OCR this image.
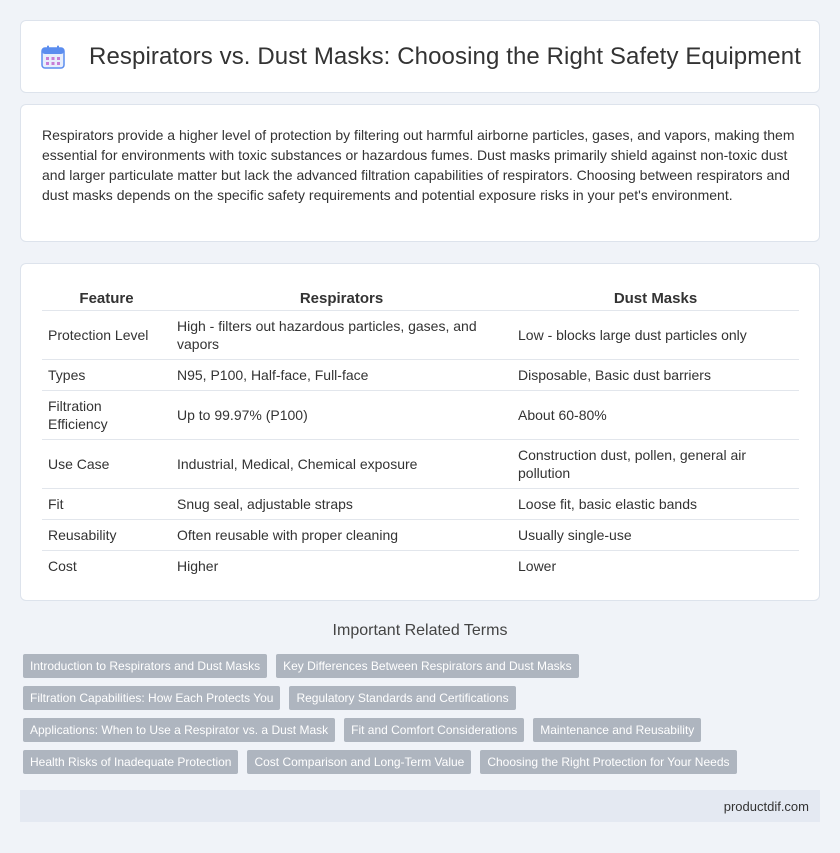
Respirators vs. Dust Masks: Choosing the Right Safety Equipment

Respirators provide a higher level of protection by filtering out harmful airborne particles, gases, and vapors, making them essential for environments with toxic substances or hazardous fumes. Dust masks primarily shield against non-toxic dust and larger particulate matter but lack the advanced filtration capabilities of respirators. Choosing between respirators and dust masks depends on the specific safety requirements and potential exposure risks in your pet's environment.

Feature	Respirators	Dust Masks
Protection Level	High - filters out hazardous particles, gases, and vapors	Low - blocks large dust particles only
Types	N95, P100, Half-face, Full-face	Disposable, Basic dust barriers
Filtration Efficiency	Up to 99.97% (P100)	About 60-80%
Use Case	Industrial, Medical, Chemical exposure	Construction dust, pollen, general air pollution
Fit	Snug seal, adjustable straps	Loose fit, basic elastic bands
Reusability	Often reusable with proper cleaning	Usually single-use
Cost	Higher	Lower
Important Related Terms
Introduction to Respirators and Dust Masks	Key Differences Between Respirators and Dust Masks
Filtration Capabilities: How Each Protects You	Regulatory Standards and Certifications
Applications: When to Use a Respirator vs. a Dust Mask	Fit and Comfort Considerations	Maintenance and Reusability
Health Risks of Inadequate Protection	Cost Comparison and Long-Term Value	Choosing the Right Protection for Your Needs
productdif.com
